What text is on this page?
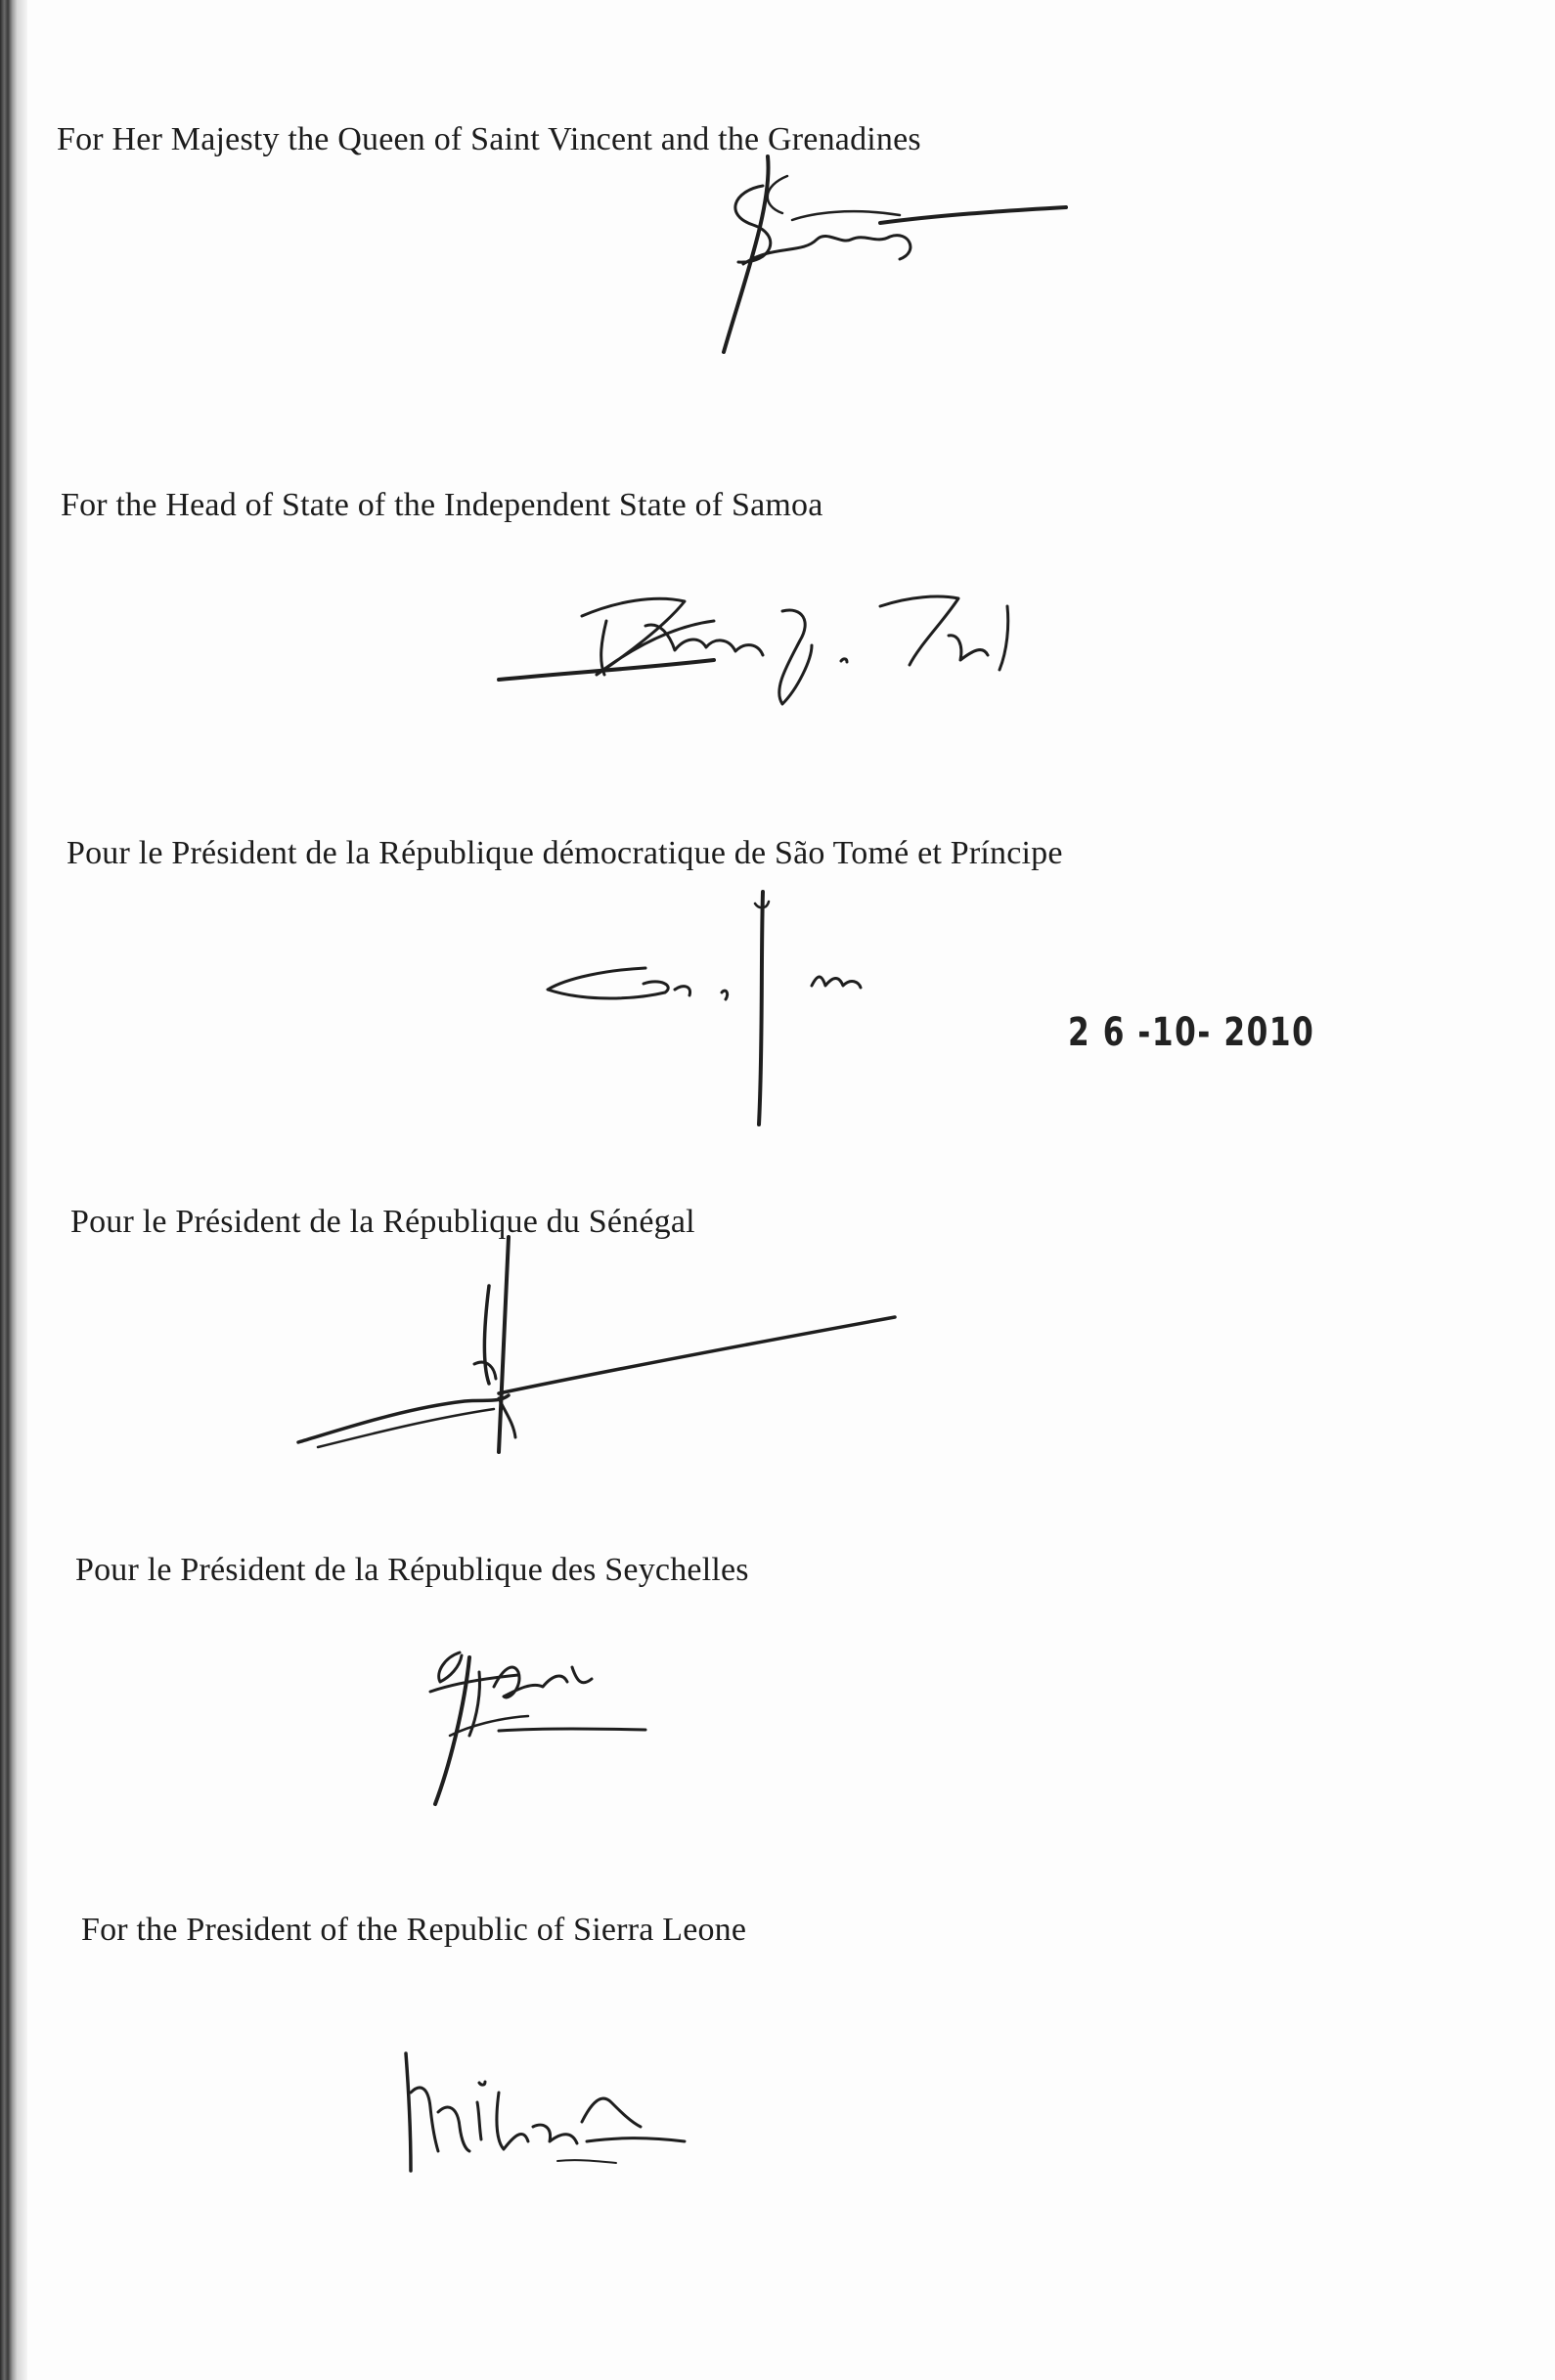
For Her Majesty the Queen of Saint Vincent and the Grenadines
For the Head of State of the Independent State of Samoa
Pour le Président de la République démocratique de São Tomé et Príncipe
2 6 -10- 2010
Pour le Président de la République du Sénégal
Pour le Président de la République des Seychelles
For the President of the Republic of Sierra Leone
